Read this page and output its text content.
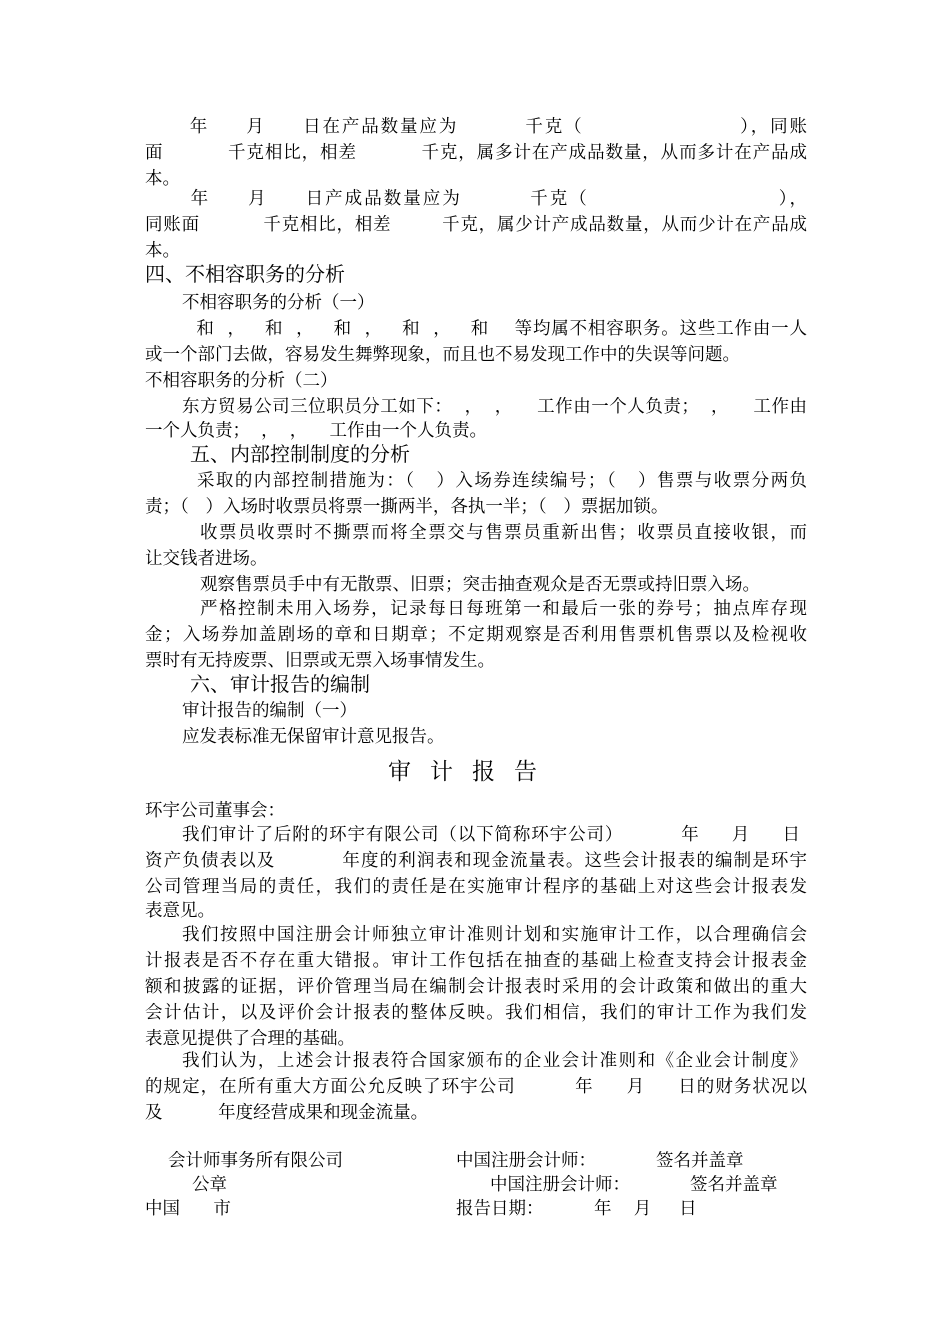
年     月     日在产品数量应为         千克（                     ），同账
面          千克相比，相差          千克，属多计在产成品数量，从而多计在产品成
本。
年     月     日产成品数量应为         千克（                         ），
同账面          千克相比，相差        千克，属少计产成品数量，从而少计在产品成
本。
四、不相容职务的分析
不相容职务的分析（一）
和  ，   和  ，   和  ，   和  ，   和    等均属不相容职务。这些工作由一人
或一个部门去做，容易发生舞弊现象，而且也不易发现工作中的失误等问题。
不相容职务的分析（二）
东方贸易公司三位职员分工如下：  ，  ，    工作由一个人负责；  ，    工作由
一个人负责；  ，  ，    工作由一个人负责。
五、内部控制制度的分析
采取的内部控制措施为：（   ）入场券连续编号；（   ）售票与收票分两负
责；（   ）入场时收票员将票一撕两半，各执一半；（   ）票据加锁。
收票员收票时不撕票而将全票交与售票员重新出售；收票员直接收银，而
让交钱者进场。
观察售票员手中有无散票、旧票；突击抽查观众是否无票或持旧票入场。
严格控制未用入场券，记录每日每班第一和最后一张的券号；抽点库存现
金；入场券加盖剧场的章和日期章；不定期观察是否利用售票机售票以及检视收
票时有无持废票、旧票或无票入场事情发生。
六、审计报告的编制
审计报告的编制（一）
应发表标准无保留审计意见报告。
审计报告
环宇公司董事会：
我们审计了后附的环宇有限公司（以下简称环宇公司）         年     月     日
资产负债表以及          年度的利润表和现金流量表。这些会计报表的编制是环宇
公司管理当局的责任，我们的责任是在实施审计程序的基础上对这些会计报表发
表意见。
我们按照中国注册会计师独立审计准则计划和实施审计工作，以合理确信会
计报表是否不存在重大错报。审计工作包括在抽查的基础上检查支持会计报表金
额和披露的证据，评价管理当局在编制会计报表时采用的会计政策和做出的重大
会计估计，以及评价会计报表的整体反映。我们相信，我们的审计工作为我们发
表意见提供了合理的基础。
我们认为，上述会计报表符合国家颁布的企业会计准则和《企业会计制度》
的规定，在所有重大方面公允反映了环宇公司         年     月     日的财务状况以
及          年度经营成果和现金流量。
会计师事务所有限公司	中国注册会计师：	签名并盖章
公章	中国注册会计师：	签名并盖章
中国      市	报告日期：	年    月     日
